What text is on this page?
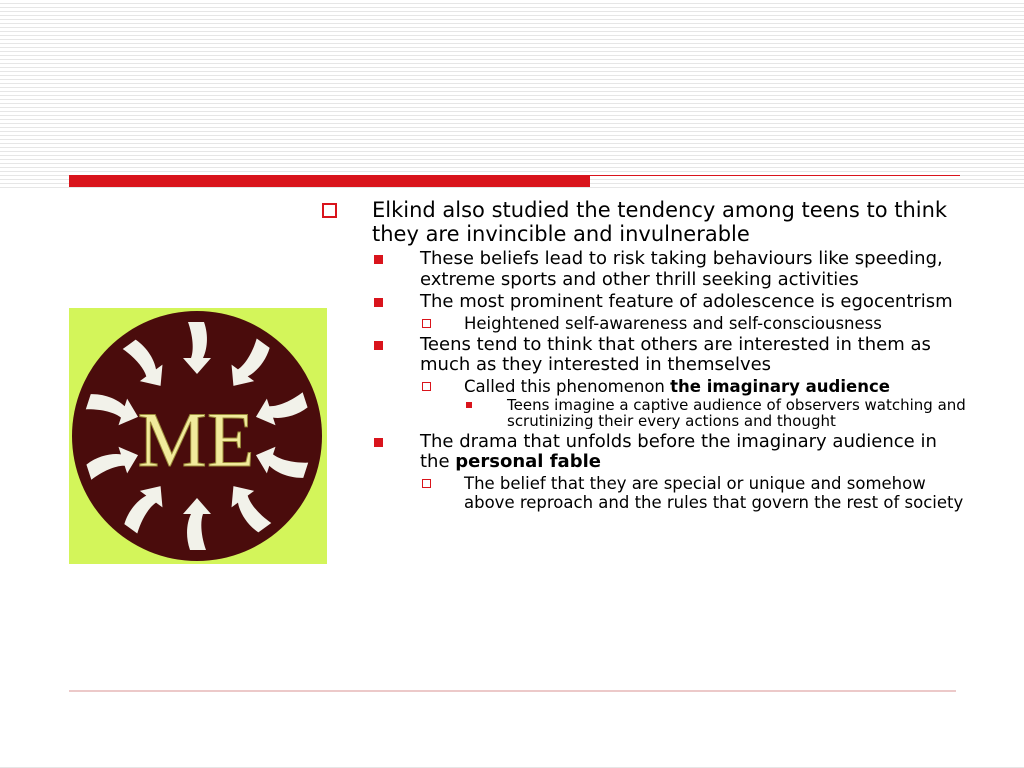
ME
Elkind also studied the tendency among teens to think they are invincible and invulnerable
These beliefs lead to risk taking behaviours like speeding, extreme sports and other thrill seeking activities
The most prominent feature of adolescence is egocentrism
Heightened self-awareness and self-consciousness
Teens tend to think that others are interested in them as much as they interested in themselves
Called this phenomenon the imaginary audience
Teens imagine a captive audience of observers watching and scrutinizing their every actions and thought
The drama that unfolds before the imaginary audience in the personal fable
The belief that they are special or unique and somehow above reproach and the rules that govern the rest of society
